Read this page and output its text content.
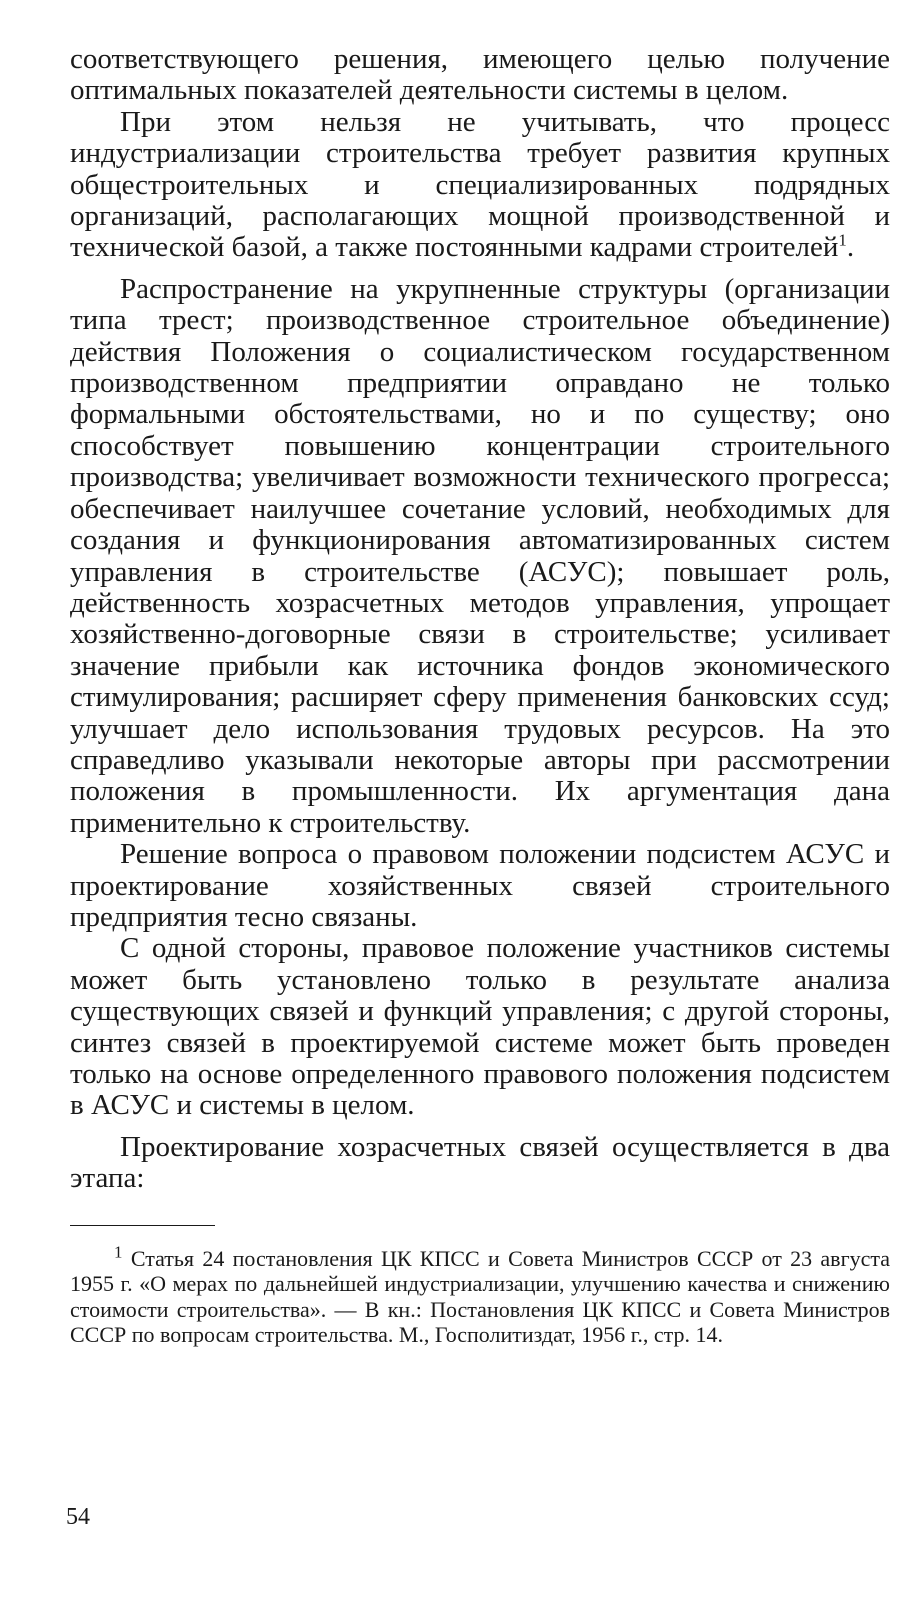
соответствующего решения, имеющего целью получение оптимальных показателей деятельности системы в целом.

При этом нельзя не учитывать, что процесс индустриализации строительства требует развития крупных общестроительных и специализированных подрядных организаций, располагающих мощной производственной и технической базой, а также постоянными кадрами строителей$^1$.

Распространение на укрупненные структуры (организации типа трест; производственное строительное объединение) действия Положения о социалистическом государственном производственном предприятии оправдано не только формальными обстоятельствами, но и по существу; оно способствует повышению концентрации строительного производства; увеличивает возможности технического прогресса; обеспечивает наилучшее сочетание условий, необходимых для создания и функционирования автоматизированных систем управления в строительстве (АСУС); повышает роль, действенность хозрасчетных методов управления, упрощает хозяйственно-договорные связи в строительстве; усиливает значение прибыли как источника фондов экономического стимулирования; расширяет сферу применения банковских ссуд; улучшает дело использования трудовых ресурсов. На это справедливо указывали некоторые авторы при рассмотрении положения в промышленности. Их аргументация дана применительно к строительству.

Решение вопроса о правовом положении подсистем АСУС и проектирование хозяйственных связей строительного предприятия тесно связаны.

С одной стороны, правовое положение участников системы может быть установлено только в результате анализа существующих связей и функций управления; с другой стороны, синтез связей в проектируемой системе может быть проведен только на основе определенного правового положения подсистем в АСУС и системы в целом.

Проектирование хозрасчетных связей осуществляется в два этапа:

$^1$ Статья 24 постановления ЦК КПСС и Совета Министров СССР от 23 августа 1955 г. «О мерах по дальнейшей индустриализации, улучшению качества и снижению стоимости строительства». — В кн.: Постановления ЦК КПСС и Совета Министров СССР по вопросам строительства. М., Госполитиздат, 1956 г., стр. 14.

54
